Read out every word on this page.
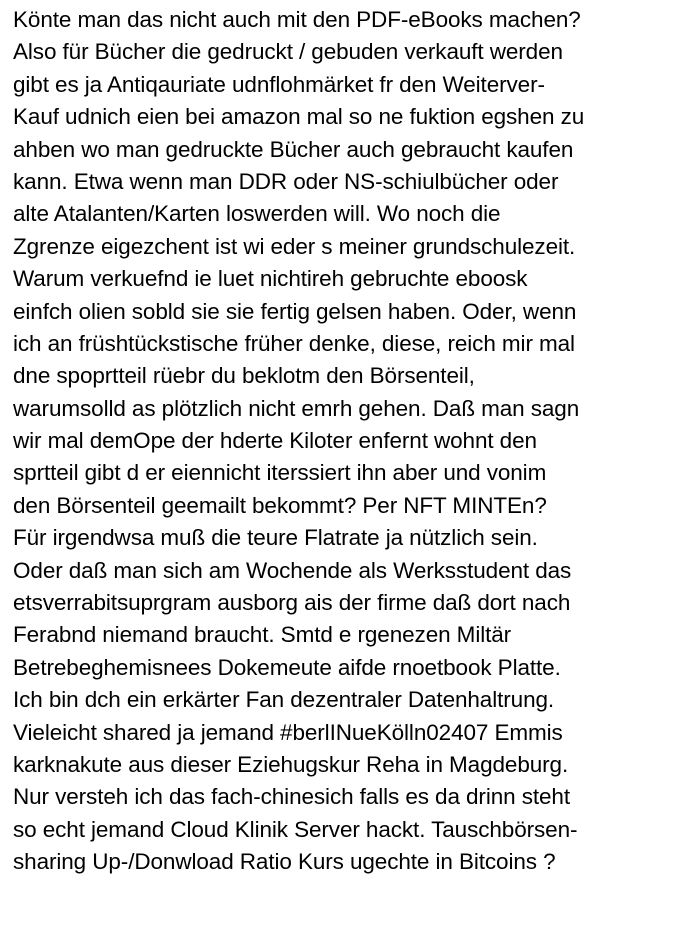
Könte man das nicht auch mit den PDF-eBooks machen?
Also für Bücher die gedruckt / gebuden verkauft werden
gibt es ja Antiqauriate udnflohmärket fr den Weiterver-
Kauf udnich eien bei amazon mal so ne fuktion egshen zu
ahben wo man gedruckte Bücher auch gebraucht kaufen
kann. Etwa wenn man DDR oder NS-schiulbücher oder
alte Atalanten/Karten loswerden will. Wo noch die
Zgrenze eigezchent ist wi eder s meiner grundschulezeit.
Warum verkuefnd ie luet nichtireh gebruchte eboosk
einfch olien sobld sie sie fertig gelsen haben. Oder, wenn
ich an früshtückstische früher denke, diese, reich mir mal
dne spoprtteil rüebr du beklotm den Börsenteil,
warumsolld as plötzlich nicht emrh gehen. Daß man sagn
wir mal demOpe der hderte Kiloter enfernt wohnt den
sprtteil gibt d er eiennicht iterssiert ihn aber und vonim
den Börsenteil geemailt bekommt? Per NFT MINTEn?
Für irgendwsa muß die teure Flatrate ja nützlich sein.
Oder daß man sich am Wochende als Werksstudent das
etsverrabitsuprgram ausborg ais der firme daß dort nach
Ferabnd niemand braucht. Smtd e rgenezen Miltär
Betrebeghemisnees Dokemeute aifde rnoetbook Platte.
Ich bin dch ein erkärter Fan dezentraler Datenhaltrung.
Vieleicht shared ja jemand #berlINueKölln02407 Emmis
karknakute aus dieser Eziehugskur Reha in Magdeburg.
Nur versteh ich das fach-chinesich falls es da drinn steht
so echt jemand Cloud Klinik Server hackt. Tauschbörsen-
sharing Up-/Donwload Ratio Kurs ugechte in Bitcoins ?
